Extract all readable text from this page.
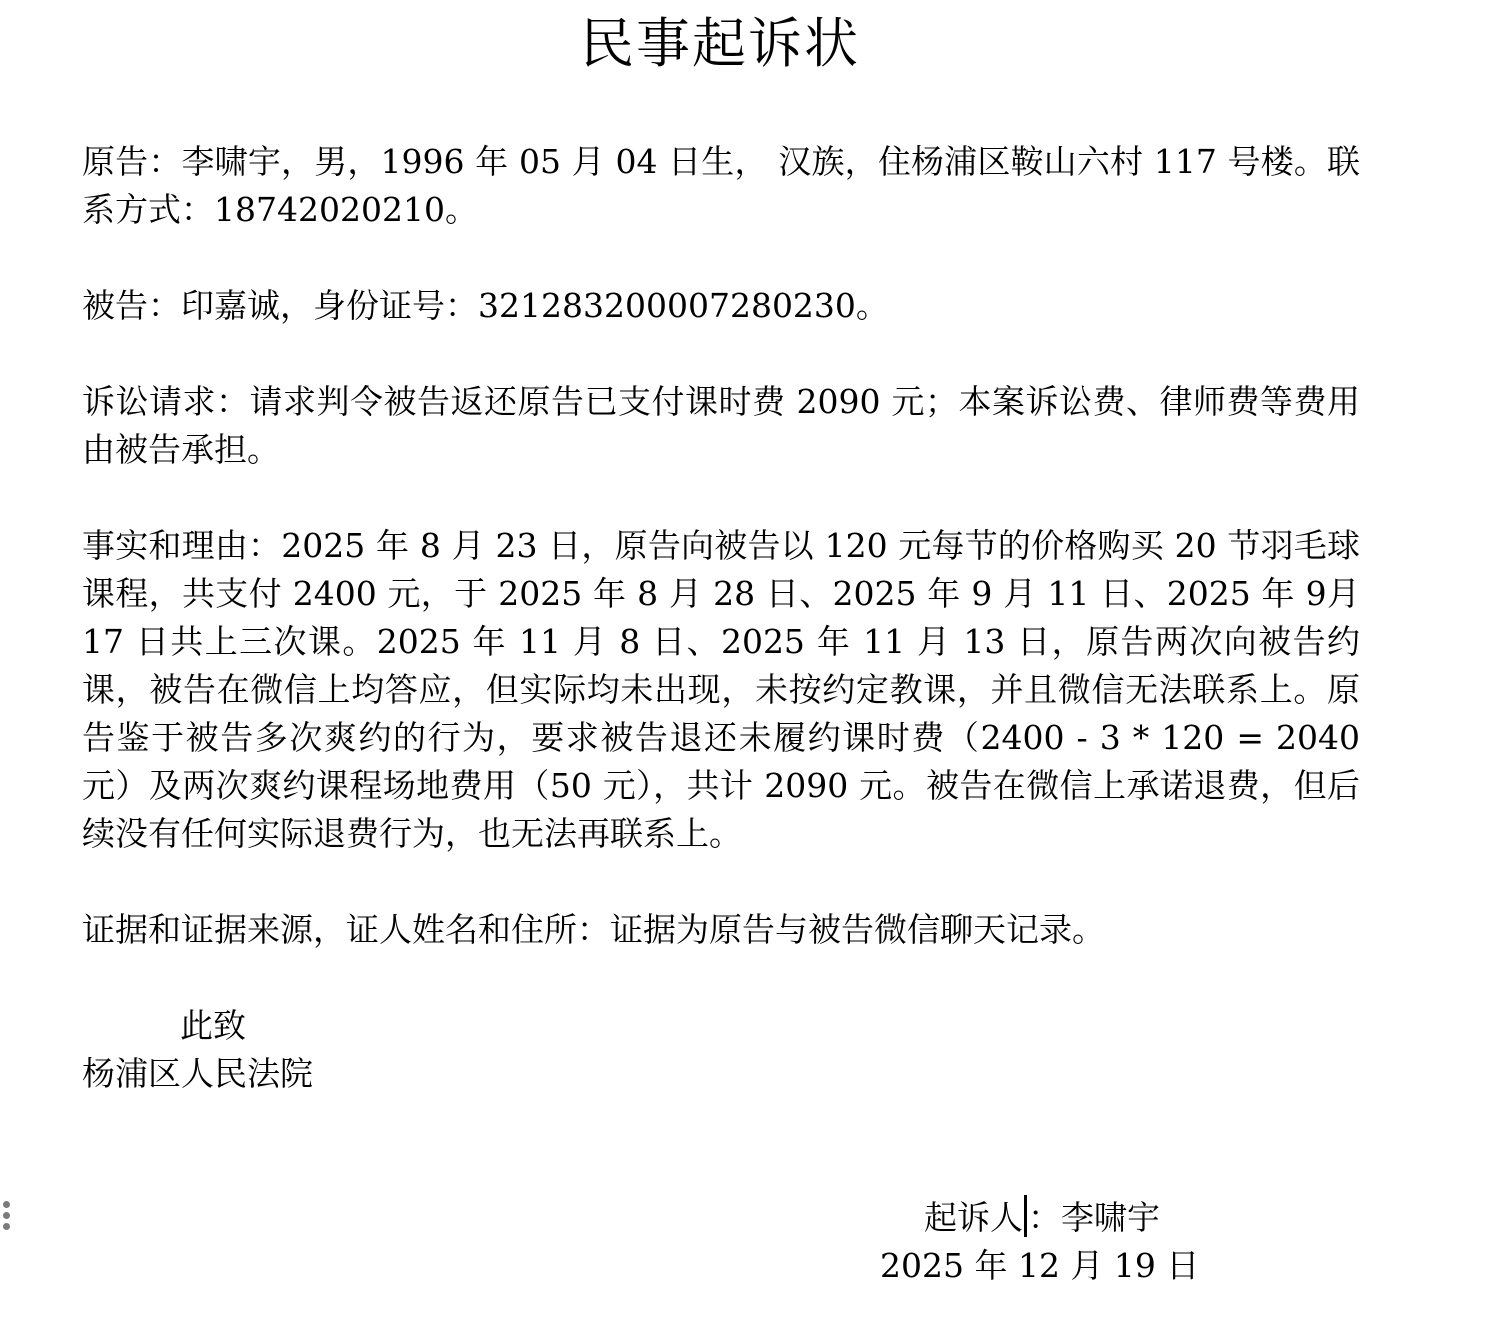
民事起诉状

原告：李啸宇，男，1996 年 05 月 04 日生， 汉族，住杨浦区鞍山六村 117 号楼。联系方式：18742020210。

被告：印嘉诚，身份证号：321283200007280230。

诉讼请求：请求判令被告返还原告已支付课时费 2090 元；本案诉讼费、律师费等费用由被告承担。

事实和理由：2025 年 8 月 23 日，原告向被告以 120 元每节的价格购买 20 节羽毛球课程，共支付 2400 元，于 2025 年 8 月 28 日、2025 年 9 月 11 日、2025 年 9月 17 日共上三次课。2025 年 11 月 8 日、2025 年 11 月 13 日，原告两次向被告约课，被告在微信上均答应，但实际均未出现，未按约定教课，并且微信无法联系上。原告鉴于被告多次爽约的行为，要求被告退还未履约课时费（2400 - 3 * 120 = 2040 元）及两次爽约课程场地费用（50 元），共计 2090 元。被告在微信上承诺退费，但后续没有任何实际退费行为，也无法再联系上。

证据和证据来源，证人姓名和住所：证据为原告与被告微信聊天记录。

此致
杨浦区人民法院
起诉人 ：李啸宇
2025 年 12 月 19 日
